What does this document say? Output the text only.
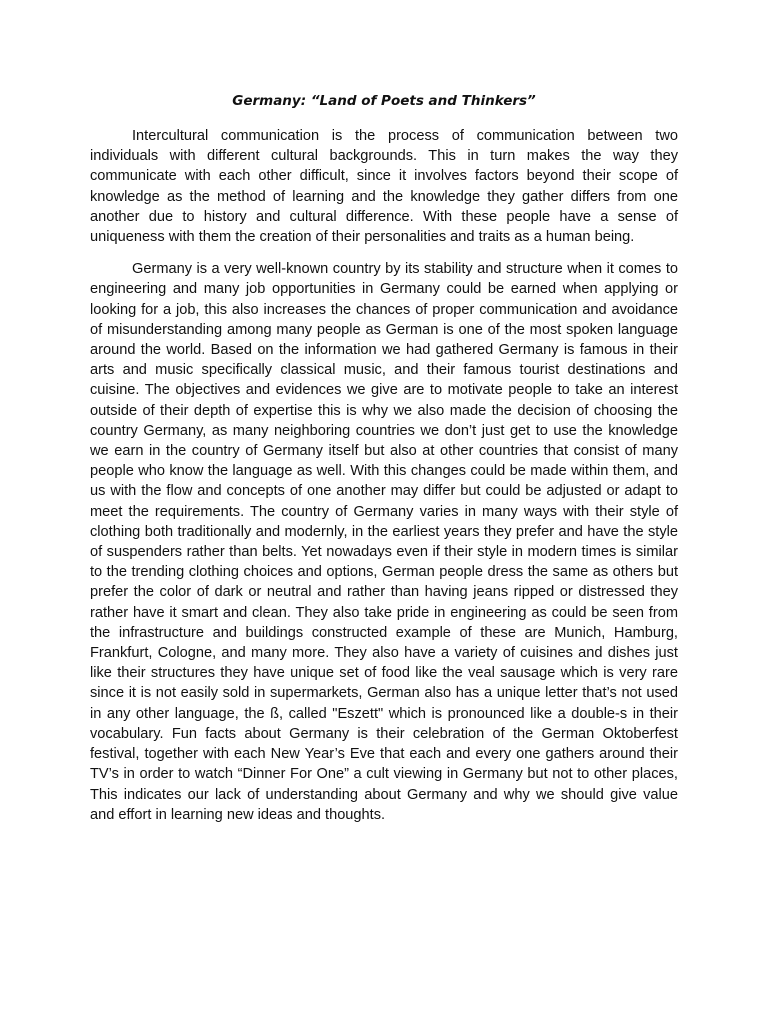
Germany: “Land of Poets and Thinkers”

Intercultural communication is the process of communication between two individuals with different cultural backgrounds. This in turn makes the way they communicate with each other difficult, since it involves factors beyond their scope of knowledge as the method of learning and the knowledge they gather differs from one another due to history and cultural difference. With these people have a sense of uniqueness with them the creation of their personalities and traits as a human being.

Germany is a very well-known country by its stability and structure when it comes to engineering and many job opportunities in Germany could be earned when applying or looking for a job, this also increases the chances of proper communication and avoidance of misunderstanding among many people as German is one of the most spoken language around the world. Based on the information we had gathered Germany is famous in their arts and music specifically classical music, and their famous tourist destinations and cuisine. The objectives and evidences we give are to motivate people to take an interest outside of their depth of expertise this is why we also made the decision of choosing the country Germany, as many neighboring countries we don’t just get to use the knowledge we earn in the country of Germany itself but also at other countries that consist of many people who know the language as well. With this changes could be made within them, and us with the flow and concepts of one another may differ but could be adjusted or adapt to meet the requirements. The country of Germany varies in many ways with their style of clothing both traditionally and modernly, in the earliest years they prefer and have the style of suspenders rather than belts. Yet nowadays even if their style in modern times is similar to the trending clothing choices and options, German people dress the same as others but prefer the color of dark or neutral and rather than having jeans ripped or distressed they rather have it smart and clean. They also take pride in engineering as could be seen from the infrastructure and buildings constructed example of these are Munich, Hamburg, Frankfurt, Cologne, and many more. They also have a variety of cuisines and dishes just like their structures they have unique set of food like the veal sausage which is very rare since it is not easily sold in supermarkets, German also has a unique letter that’s not used in any other language, the ß, called "Eszett" which is pronounced like a double-s in their vocabulary. Fun facts about Germany is their celebration of the German Oktoberfest festival, together with each New Year’s Eve that each and every one gathers around their TV’s in order to watch “Dinner For One” a cult viewing in Germany but not to other places, This indicates our lack of understanding about Germany and why we should give value and effort in learning new ideas and thoughts.
